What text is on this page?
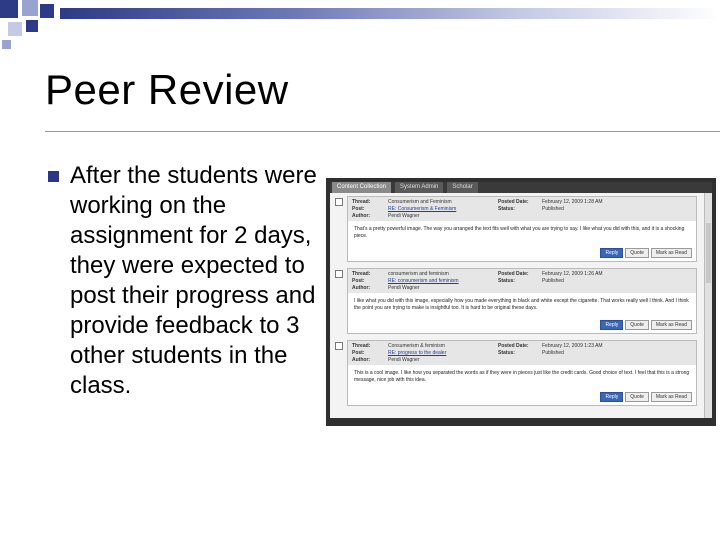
Peer Review
After the students were working on the assignment for 2 days, they were expected to post their progress and provide feedback to 3 other students in the class.
Content Collection	System Admin	Scholar
Thread:	Consumerism and Feminism	Posted Date:	February 12, 2009 1:28 AM
Post:	RE: Consumerism & Feminism	Status:	Published
Author:	Pendi Wagner
That's a pretty powerful image. The way you arranged the text fits well with what you are trying to say. I like what you did with this, and it is a shocking piece.
Reply	Quote	Mark as Read
Thread:	consumerism and feminism	Posted Date:	February 12, 2009 1:26 AM
Post:	RE: consumerism and feminism	Status:	Published
Author:	Pendi Wagner
I like what you did with this image, especially how you made everything in black and white except the cigarette. That works really well I think. And I think the point you are trying to make is insightful too. It is hard to be original these days.
Reply	Quote	Mark as Read
Thread:	Consumerism & feminism	Posted Date:	February 12, 2009 1:23 AM
Post:	RE: progress to the dealer	Status:	Published
Author:	Pendi Wagner
This is a cool image. I like how you separated the words as if they were in pieces just like the credit cards. Good choice of text. I feel that this is a strong message, nice job with this idea.
Reply	Quote	Mark as Read
